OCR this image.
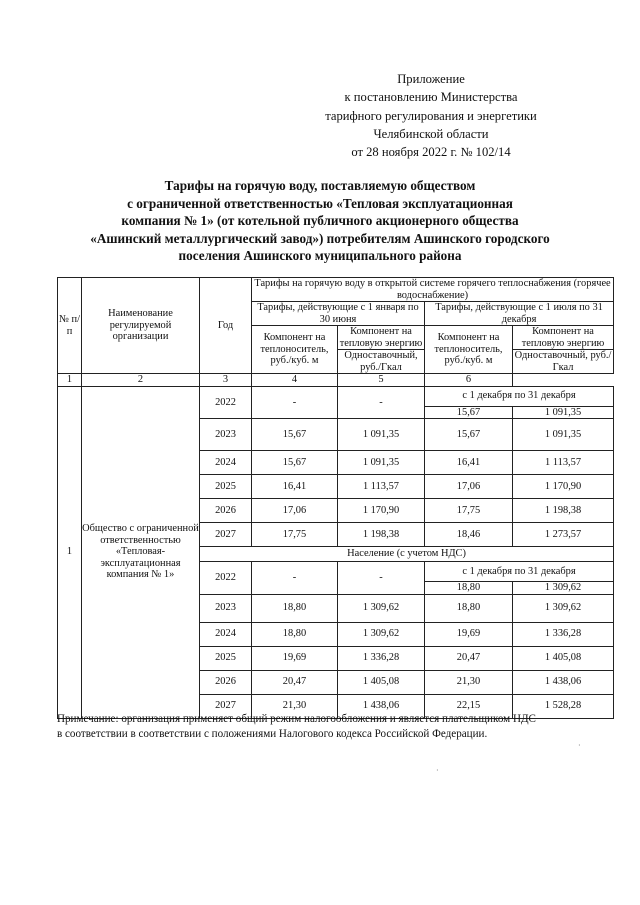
Приложение
к постановлению Министерства
тарифного регулирования и энергетики
Челябинской области
от 28 ноября 2022 г. № 102/14
Тарифы на горячую воду, поставляемую обществом
с ограниченной ответственностью «Тепловая эксплуатационная
компания № 1» (от котельной публичного акционерного общества
«Ашинский металлургический завод») потребителям Ашинского городского
поселения Ашинского муниципального района
№ п/п	Наименование регулируемой организации	Год	Тарифы на горячую воду в открытой системе горячего теплоснабжения (горячее водоснабжение)			
			Тарифы, действующие с 1 января по 30 июня		Тарифы, действующие с 1 июля по 31 декабря	
			Компонент на теплоноситель, руб./куб. м	Компонент на тепловую энергию	Компонент на теплоноситель, руб./куб. м	Компонент на тепловую энергию
				Одноставочный, руб./Гкал		Одноставочный, руб./Гкал
1	2	3	4	5	6	
1	Общество с ограниченной ответственностью «Тепловая-эксплуатационная компания № 1»	2022	-	-	с 1 декабря по 31 декабря	
					15,67	1 091,35
		2023	15,67	1 091,35	15,67	1 091,35
		2024	15,67	1 091,35	16,41	1 113,57
		2025	16,41	1 113,57	17,06	1 170,90
		2026	17,06	1 170,90	17,75	1 198,38
		2027	17,75	1 198,38	18,46	1 273,57
		Население (с учетом НДС)				
		2022	-	-	с 1 декабря по 31 декабря	
					18,80	1 309,62
		2023	18,80	1 309,62	18,80	1 309,62
		2024	18,80	1 309,62	19,69	1 336,28
		2025	19,69	1 336,28	20,47	1 405,08
		2026	20,47	1 405,08	21,30	1 438,06
		2027	21,30	1 438,06	22,15	1 528,28
Примечание: организация применяет общий режим налогообложения и является плательщиком НДС
в соответствии в соответствии с положениями Налогового кодекса Российской Федерации.
·
·
